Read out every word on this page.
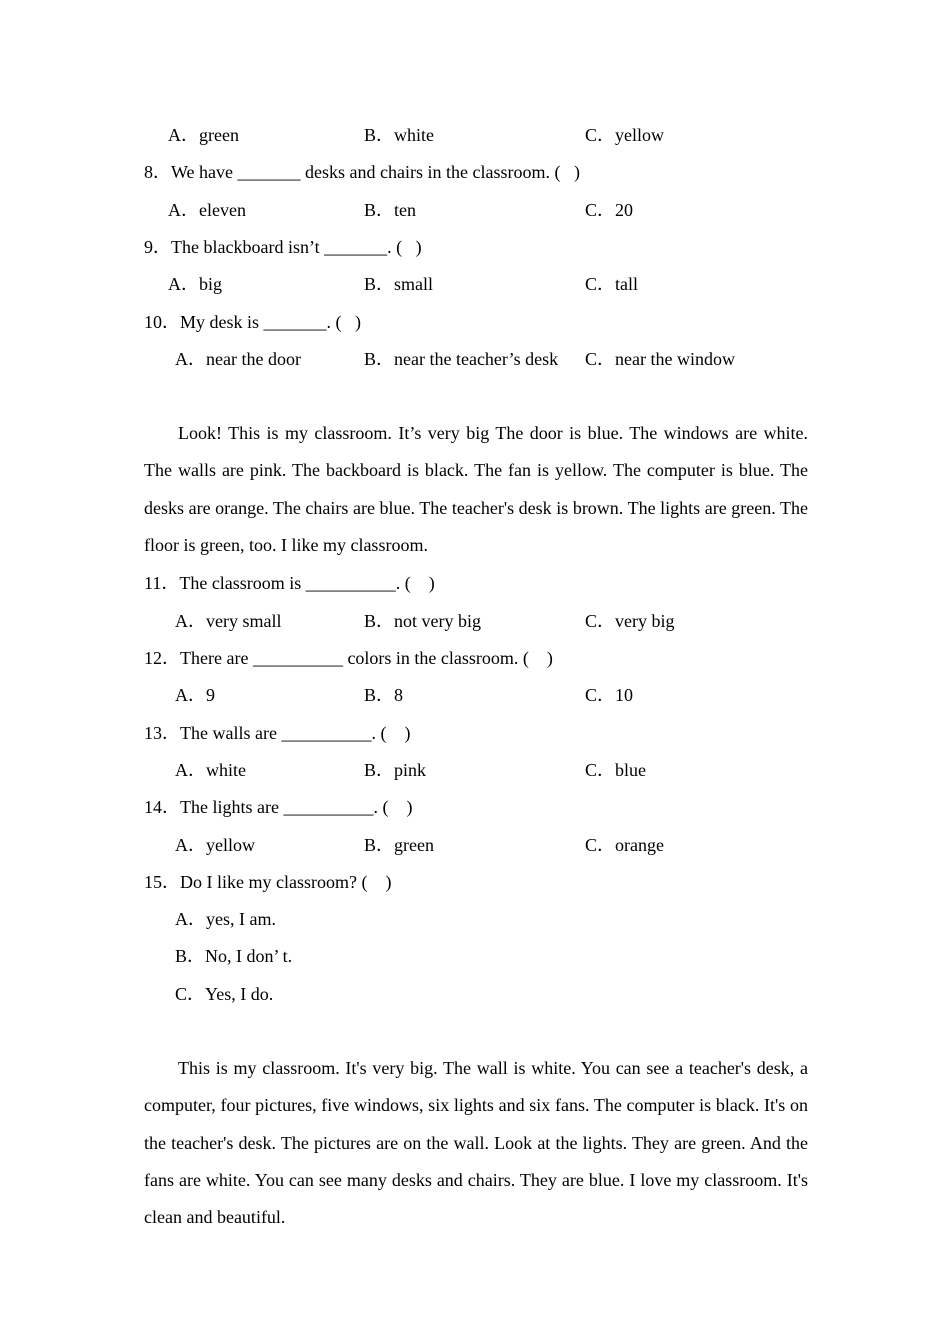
A．green	B．white	C．yellow
8．We have _______ desks and chairs in the classroom. (   )
A．eleven	B．ten	C．20
9．The blackboard isn’t _______. (   )
A．big	B．small	C．tall
10．My desk is _______. (   )
A．near the door	B．near the teacher’s desk C．near the window
Look! This is my classroom. It’s very big The door is blue. The windows are white. The walls are pink. The backboard is black. The fan is yellow. The computer is blue. The desks are orange. The chairs are blue. The teacher's desk is brown. The lights are green. The floor is green, too. I like my classroom.
11．The classroom is __________. (    )
A．very small	B．not very big	C．very big
12．There are __________ colors in the classroom. (    )
A．9	B．8	C．10
13．The walls are __________. (    )
A．white	B．pink	C．blue
14．The lights are __________. (    )
A．yellow	B．green	C．orange
15．Do I like my classroom? (    )
A．yes, I am.
B．No, I don’ t.
C．Yes, I do.
This is my classroom. It's very big. The wall is white. You can see a teacher's desk, a computer, four pictures, five windows, six lights and six fans. The computer is black. It's on the teacher's desk. The pictures are on the wall. Look at the lights. They are green. And the fans are white. You can see many desks and chairs. They are blue. I love my classroom. It's clean and beautiful.
